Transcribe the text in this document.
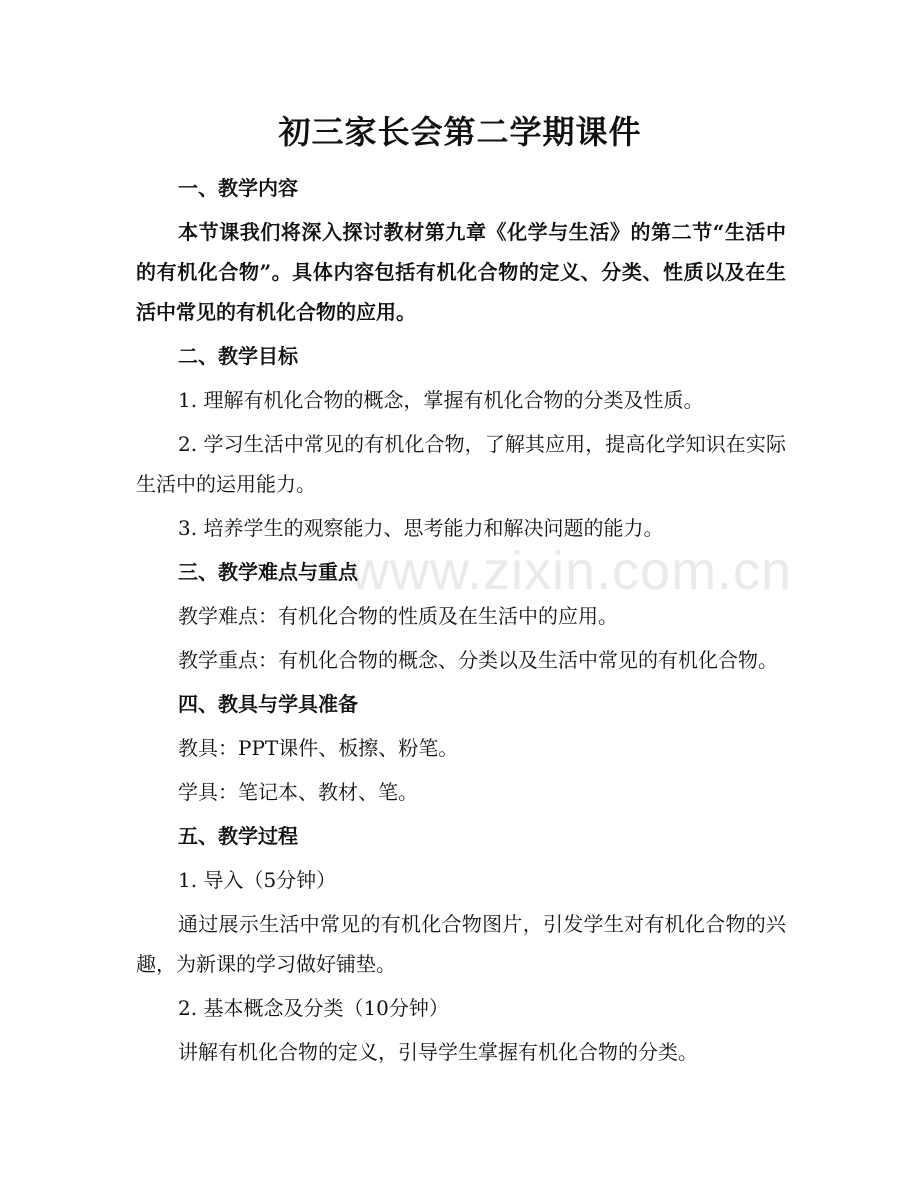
初三家长会第二学期课件
www.zixin.com.cn

一、教学内容

本节课我们将深入探讨教材第九章《化学与生活》的第二节“生活中的有机化合物”。具体内容包括有机化合物的定义、分类、性质以及在生活中常见的有机化合物的应用。

二、教学目标

1. 理解有机化合物的概念，掌握有机化合物的分类及性质。

2. 学习生活中常见的有机化合物，了解其应用，提高化学知识在实际生活中的运用能力。

3. 培养学生的观察能力、思考能力和解决问题的能力。

三、教学难点与重点

教学难点：有机化合物的性质及在生活中的应用。

教学重点：有机化合物的概念、分类以及生活中常见的有机化合物。

四、教具与学具准备

教具：PPT课件、板擦、粉笔。

学具：笔记本、教材、笔。

五、教学过程

1. 导入（5分钟）

通过展示生活中常见的有机化合物图片，引发学生对有机化合物的兴趣，为新课的学习做好铺垫。

2. 基本概念及分类（10分钟）

讲解有机化合物的定义，引导学生掌握有机化合物的分类。
